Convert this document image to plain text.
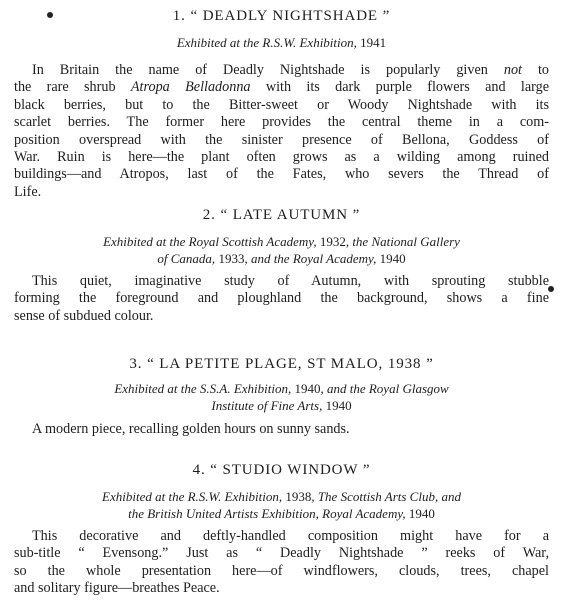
1. “ DEADLY NIGHTSHADE ”
Exhibited at the R.S.W. Exhibition, 1941
In Britain the name of Deadly Nightshade is popularly given not to
the rare shrub Atropa Belladonna with its dark purple flowers and large
black berries, but to the Bitter-sweet or Woody Nightshade with its
scarlet berries. The former here provides the central theme in a com-
position overspread with the sinister presence of Bellona, Goddess of
War. Ruin is here—the plant often grows as a wilding among ruined
buildings—and Atropos, last of the Fates, who severs the Thread of
Life.
2. “ LATE AUTUMN ”
Exhibited at the Royal Scottish Academy, 1932, the National Gallery
of Canada, 1933, and the Royal Academy, 1940
This quiet, imaginative study of Autumn, with sprouting stubble
forming the foreground and ploughland the background, shows a fine
sense of subdued colour.
3. “ LA PETITE PLAGE, ST MALO, 1938 ”
Exhibited at the S.S.A. Exhibition, 1940, and the Royal Glasgow
Institute of Fine Arts, 1940
A modern piece, recalling golden hours on sunny sands.
4. “ STUDIO WINDOW ”
Exhibited at the R.S.W. Exhibition, 1938, The Scottish Arts Club, and
the British United Artists Exhibition, Royal Academy, 1940
This decorative and deftly-handled composition might have for a
sub-title “ Evensong.” Just as “ Deadly Nightshade ” reeks of War,
so the whole presentation here—of windflowers, clouds, trees, chapel
and solitary figure—breathes Peace.
